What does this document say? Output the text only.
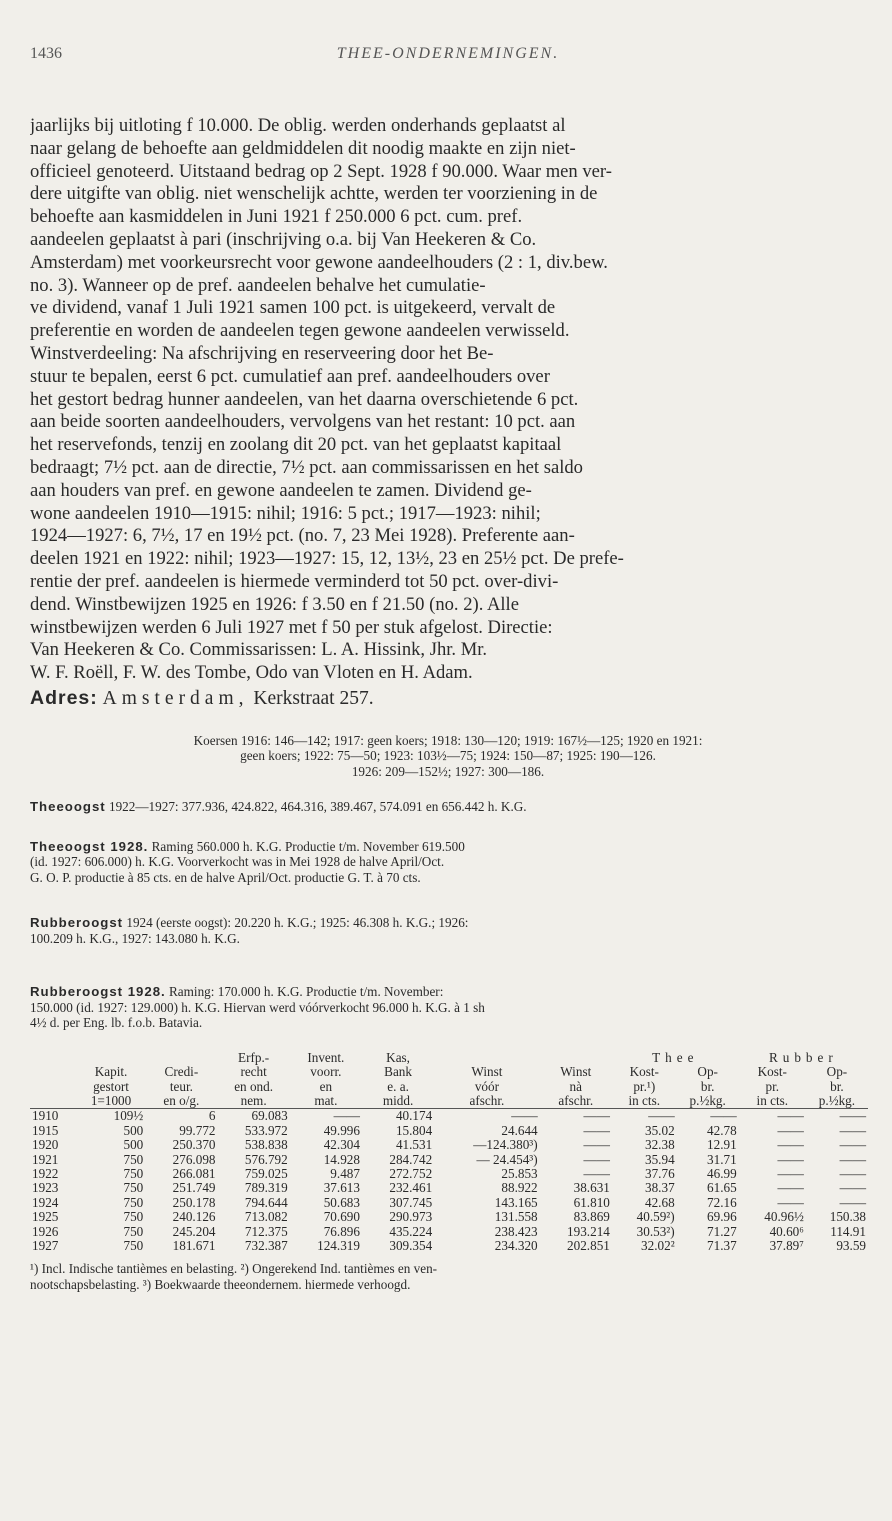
1436	THEE-ONDERNEMINGEN.
jaarlijks bij uitloting f 10.000. De oblig. werden onderhands geplaatst al
naar gelang de behoefte aan geldmiddelen dit noodig maakte en zijn niet-
officieel genoteerd. Uitstaand bedrag op 2 Sept. 1928 f 90.000. Waar men ver-
dere uitgifte van oblig. niet wenschelijk achtte, werden ter voorziening in de
behoefte aan kasmiddelen in Juni 1921 f 250.000 6 pct. cum. pref.
aandeelen geplaatst à pari (inschrijving o.a. bij Van Heekeren & Co.
Amsterdam) met voorkeursrecht voor gewone aandeelhouders (2 : 1, div.bew.
no. 3). Wanneer op de pref. aandeelen behalve het cumulatie-
ve dividend, vanaf 1 Juli 1921 samen 100 pct. is uitgekeerd, vervalt de
preferentie en worden de aandeelen tegen gewone aandeelen verwisseld.
Winstverdeeling: Na afschrijving en reserveering door het Be-
stuur te bepalen, eerst 6 pct. cumulatief aan pref. aandeelhouders over
het gestort bedrag hunner aandeelen, van het daarna overschietende 6 pct.
aan beide soorten aandeelhouders, vervolgens van het restant: 10 pct. aan
het reservefonds, tenzij en zoolang dit 20 pct. van het geplaatst kapitaal
bedraagt; 7½ pct. aan de directie, 7½ pct. aan commissarissen en het saldo
aan houders van pref. en gewone aandeelen te zamen. Dividend ge-
wone aandeelen 1910—1915: nihil; 1916: 5 pct.; 1917—1923: nihil;
1924—1927: 6, 7½, 17 en 19½ pct. (no. 7, 23 Mei 1928). Preferente aan-
deelen 1921 en 1922: nihil; 1923—1927: 15, 12, 13½, 23 en 25½ pct. De prefe-
rentie der pref. aandeelen is hiermede verminderd tot 50 pct. over-divi-
dend. Winstbewijzen 1925 en 1926: f 3.50 en f 21.50 (no. 2). Alle
winstbewijzen werden 6 Juli 1927 met f 50 per stuk afgelost. Directie:
Van Heekeren & Co. Commissarissen: L. A. Hissink, Jhr. Mr.
W. F. Roëll, F. W. des Tombe, Odo van Vloten en H. Adam.
Adres: Amsterdam, Kerkstraat 257.
Koersen 1916: 146—142; 1917: geen koers; 1918: 130—120; 1919: 167½—125; 1920 en 1921:
geen koers; 1922: 75—50; 1923: 103½—75; 1924: 150—87; 1925: 190—126.
1926: 209—152½; 1927: 300—186.
Theeoogst 1922—1927: 377.936, 424.822, 464.316, 389.467, 574.091 en 656.442 h. K.G.
Theeoogst 1928. Raming 560.000 h. K.G. Productie t/m. November 619.500
(id. 1927: 606.000) h. K.G. Voorverkocht was in Mei 1928 de halve April/Oct.
G. O. P. productie à 85 cts. en de halve April/Oct. productie G. T. à 70 cts.
Rubberoogst 1924 (eerste oogst): 20.220 h. K.G.; 1925: 46.308 h. K.G.; 1926:
100.209 h. K.G., 1927: 143.080 h. K.G.
Rubberoogst 1928. Raming: 170.000 h. K.G. Productie t/m. November:
150.000 (id. 1927: 129.000) h. K.G. Hiervan werd vóórverkocht 96.000 h. K.G. à 1 sh
4½ d. per Eng. lb. f.o.b. Batavia.
			Erfp.-	Invent.	Kas,			Thee		Rubber	
	Kapit.	Credi-	recht	voorr.	Bank	Winst	Winst	Kost-	Op-	Kost-	Op-
	gestort	teur.	en ond.	en	e. a.	vóór	nà	pr.¹)	br.	pr.	br.
	1=1000	en o/g.	nem.	mat.	midd.	afschr.	afschr.	in cts.	p.½kg.	in cts.	p.½kg.
1910	109½	6	69.083	——	40.174	——	——	——	——	——	——
1915	500	99.772	533.972	49.996	15.804	24.644	——	35.02	42.78	——	——
1920	500	250.370	538.838	42.304	41.531	—124.380³)	——	32.38	12.91	——	——
1921	750	276.098	576.792	14.928	284.742	— 24.454³)	——	35.94	31.71	——	——
1922	750	266.081	759.025	9.487	272.752	25.853	——	37.76	46.99	——	——
1923	750	251.749	789.319	37.613	232.461	88.922	38.631	38.37	61.65	——	——
1924	750	250.178	794.644	50.683	307.745	143.165	61.810	42.68	72.16	——	——
1925	750	240.126	713.082	70.690	290.973	131.558	83.869	40.59²)	69.96	40.96½	150.38
1926	750	245.204	712.375	76.896	435.224	238.423	193.214	30.53²)	71.27	40.60⁶	114.91
1927	750	181.671	732.387	124.319	309.354	234.320	202.851	32.02²	71.37	37.89⁷	93.59
¹) Incl. Indische tantièmes en belasting. ²) Ongerekend Ind. tantièmes en ven-
nootschapsbelasting. ³) Boekwaarde theeondernem. hiermede verhoogd.
